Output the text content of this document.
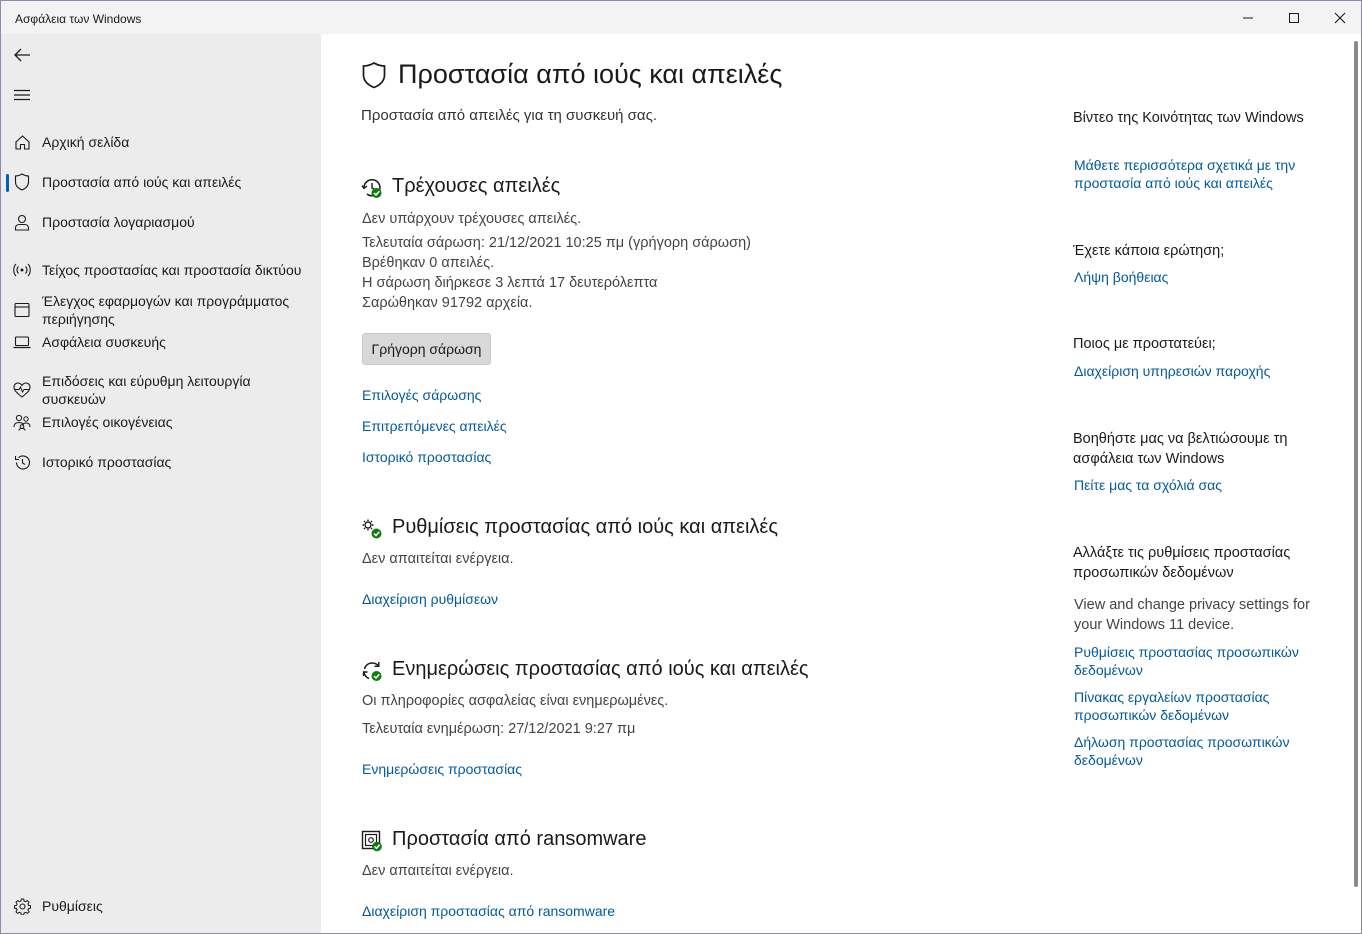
Ασφάλεια των Windows
Αρχική σελίδα
Προστασία από ιούς και απειλές
Προστασία λογαριασμού
Τείχος προστασίας και προστασία δικτύου
Έλεγχος εφαρμογών και προγράμματος περιήγησης
Ασφάλεια συσκευής
Επιδόσεις και εύρυθμη λειτουργία συσκευών
Επιλογές οικογένειας
Ιστορικό προστασίας
Ρυθμίσεις
Προστασία από ιούς και απειλές
Προστασία από απειλές για τη συσκευή σας.
Τρέχουσες απειλές
Δεν υπάρχουν τρέχουσες απειλές.
Τελευταία σάρωση: 21/12/2021 10:25 πμ (γρήγορη σάρωση)
Βρέθηκαν 0 απειλές.
Η σάρωση διήρκεσε 3 λεπτά 17 δευτερόλεπτα
Σαρώθηκαν 91792 αρχεία.
Γρήγορη σάρωση
Επιλογές σάρωσης
Επιτρεπόμενες απειλές
Ιστορικό προστασίας
Ρυθμίσεις προστασίας από ιούς και απειλές
Δεν απαιτείται ενέργεια.
Διαχείριση ρυθμίσεων
Ενημερώσεις προστασίας από ιούς και απειλές
Οι πληροφορίες ασφαλείας είναι ενημερωμένες.
Τελευταία ενημέρωση: 27/12/2021 9:27 πμ
Ενημερώσεις προστασίας
Προστασία από ransomware
Δεν απαιτείται ενέργεια.
Διαχείριση προστασίας από ransomware
Βίντεο της Κοινότητας των Windows
Μάθετε περισσότερα σχετικά με την προστασία από ιούς και απειλές
Έχετε κάποια ερώτηση;
Λήψη βοήθειας
Ποιος με προστατεύει;
Διαχείριση υπηρεσιών παροχής
Βοηθήστε μας να βελτιώσουμε τη ασφάλεια των Windows
Πείτε μας τα σχόλιά σας
Αλλάξτε τις ρυθμίσεις προστασίας προσωπικών δεδομένων
View and change privacy settings for your Windows 11 device.
Ρυθμίσεις προστασίας προσωπικών δεδομένων
Πίνακας εργαλείων προστασίας προσωπικών δεδομένων
Δήλωση προστασίας προσωπικών δεδομένων
